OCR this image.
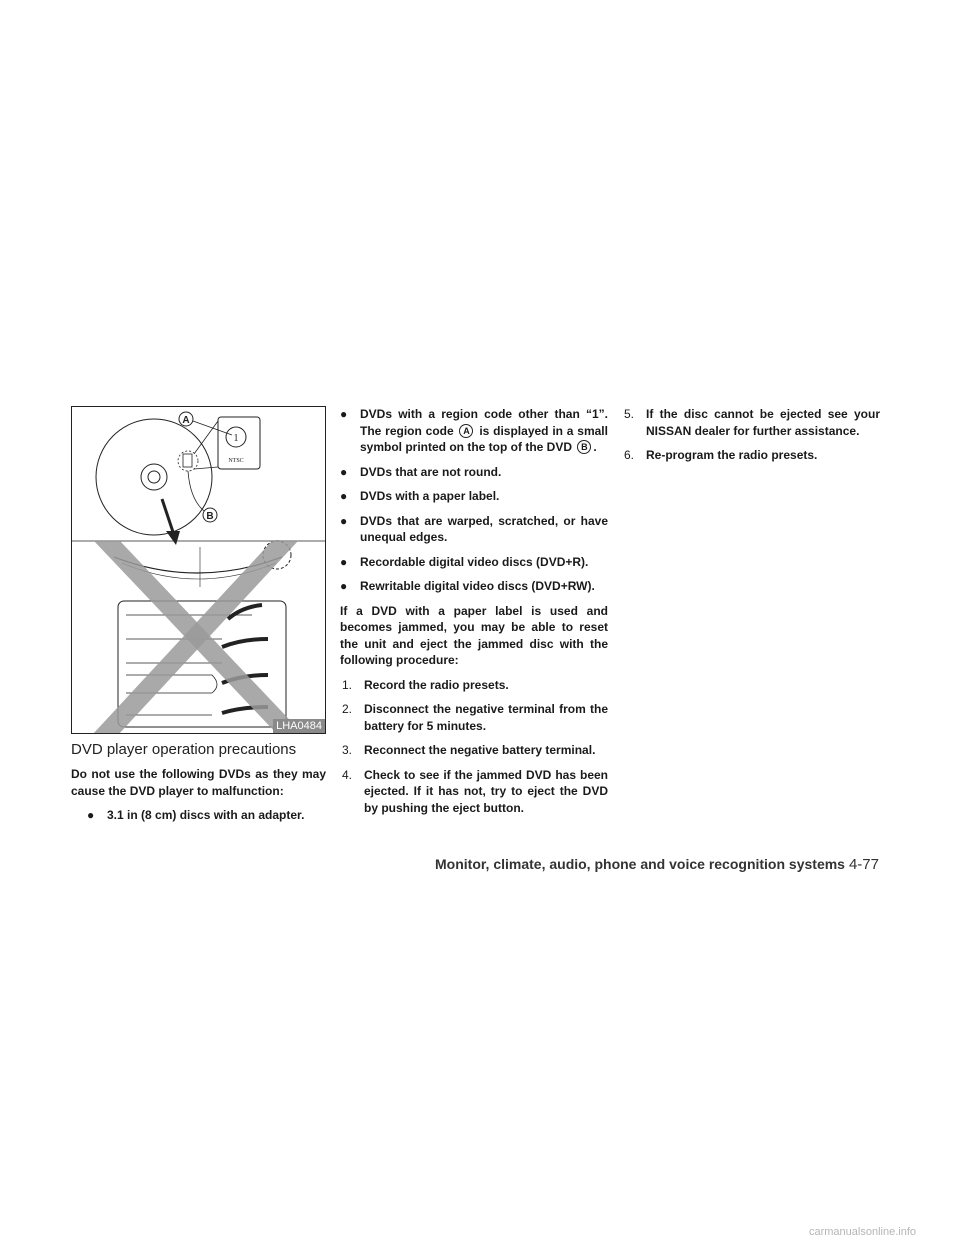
1
NTSC
A
B
LHA0484
DVD player operation precautions

Do not use the following DVDs as they may cause the DVD player to malfunction:

● 3.1 in (8 cm) discs with an adapter.
● DVDs with a region code other than “1”. The region code A is displayed in a small symbol printed on the top of the DVD B .
● DVDs that are not round.
● DVDs with a paper label.
● DVDs that are warped, scratched, or have unequal edges.
● Recordable digital video discs (DVD+R).
● Rewritable digital video discs (DVD+RW).

If a DVD with a paper label is used and becomes jammed, you may be able to reset the unit and eject the jammed disc with the following procedure:

1. Record the radio presets.
2. Disconnect the negative terminal from the battery for 5 minutes.
3. Reconnect the negative battery terminal.
4. Check to see if the jammed DVD has been ejected. If it has not, try to eject the DVD by pushing the eject button.
5. If the disc cannot be ejected see your NISSAN dealer for further assistance.
6. Re-program the radio presets.
Monitor, climate, audio, phone and voice recognition systems 4-77
carmanualsonline.info
